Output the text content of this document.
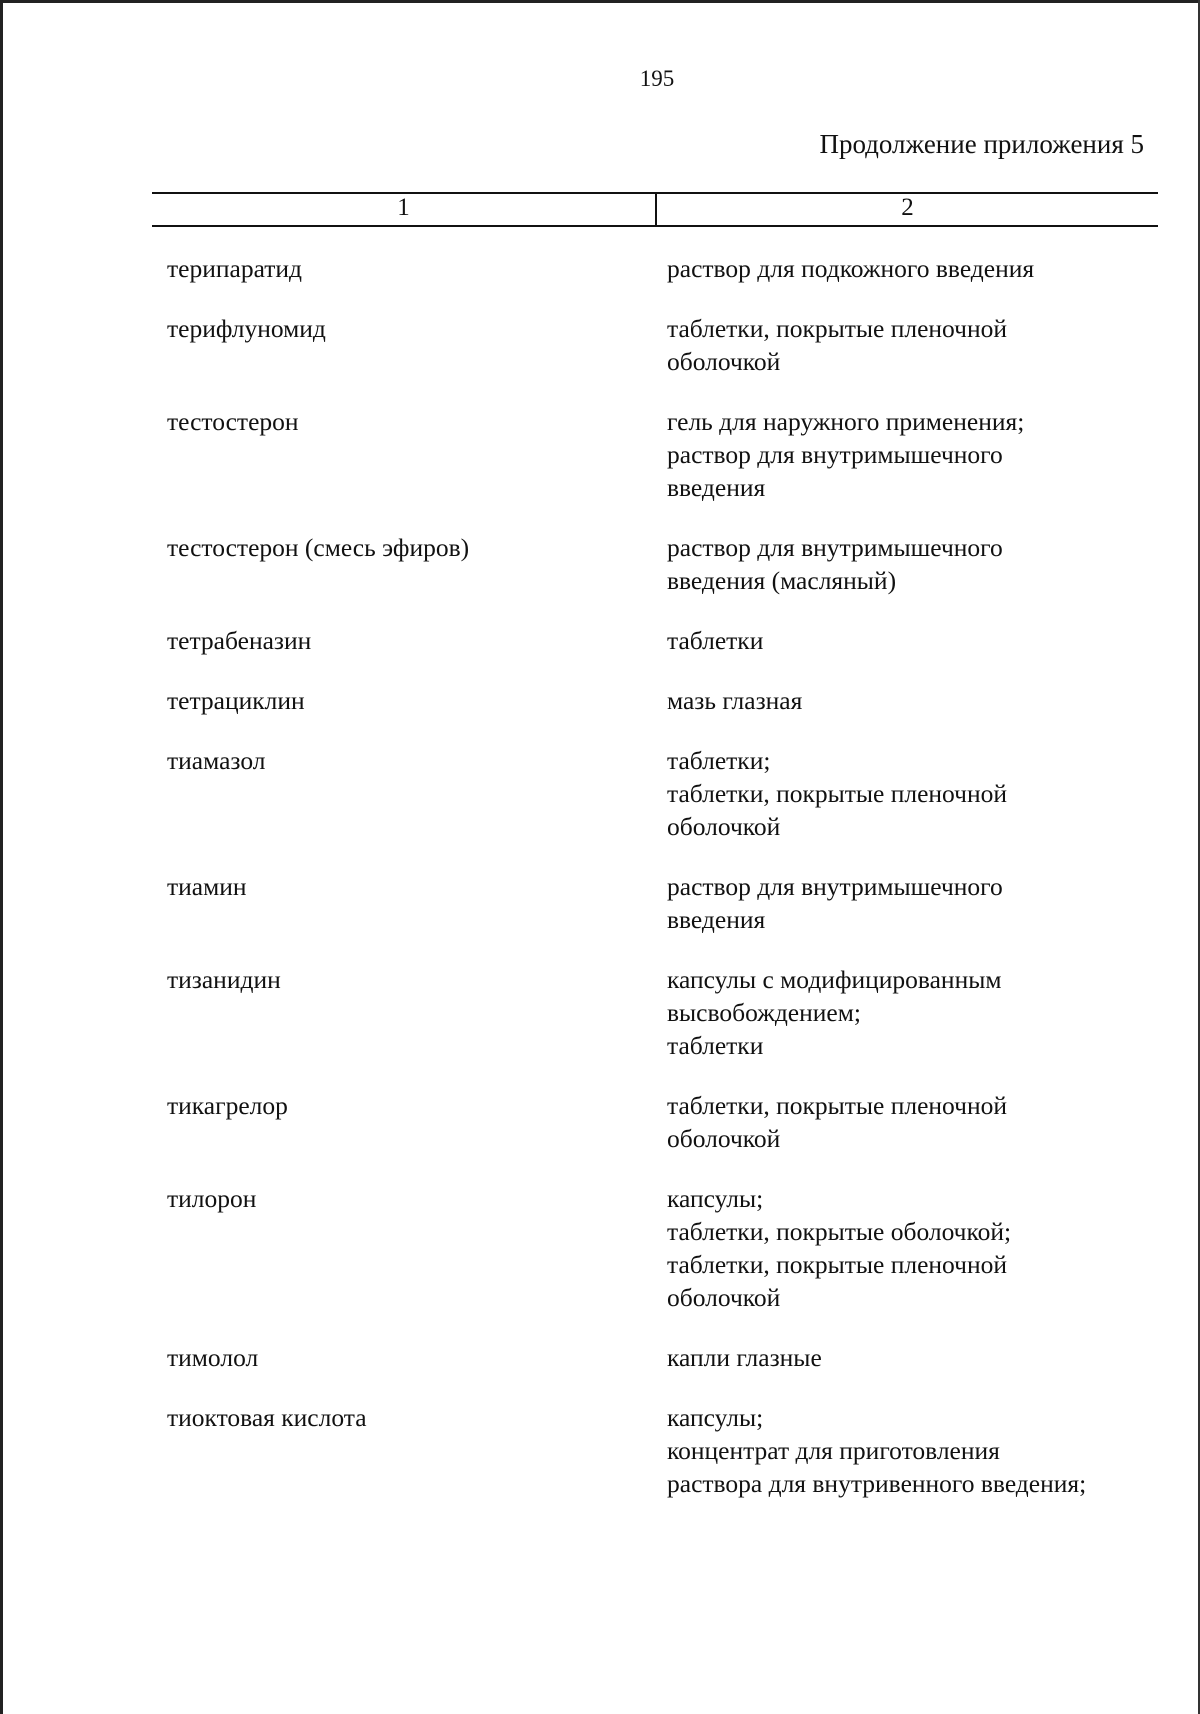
195
Продолжение приложения 5
1	2
терипаратид	раствор для подкожного введения
терифлуномид	таблетки, покрытые пленочной
оболочкой
тестостерон	гель для наружного применения;
раствор для внутримышечного
введения
тестостерон (смесь эфиров)	раствор для внутримышечного
введения (масляный)
тетрабеназин	таблетки
тетрациклин	мазь глазная
тиамазол	таблетки;
таблетки, покрытые пленочной
оболочкой
тиамин	раствор для внутримышечного
введения
тизанидин	капсулы с модифицированным
высвобождением;
таблетки
тикагрелор	таблетки, покрытые пленочной
оболочкой
тилорон	капсулы;
таблетки, покрытые оболочкой;
таблетки, покрытые пленочной
оболочкой
тимолол	капли глазные
тиоктовая кислота	капсулы;
концентрат для приготовления
раствора для внутривенного введения;
